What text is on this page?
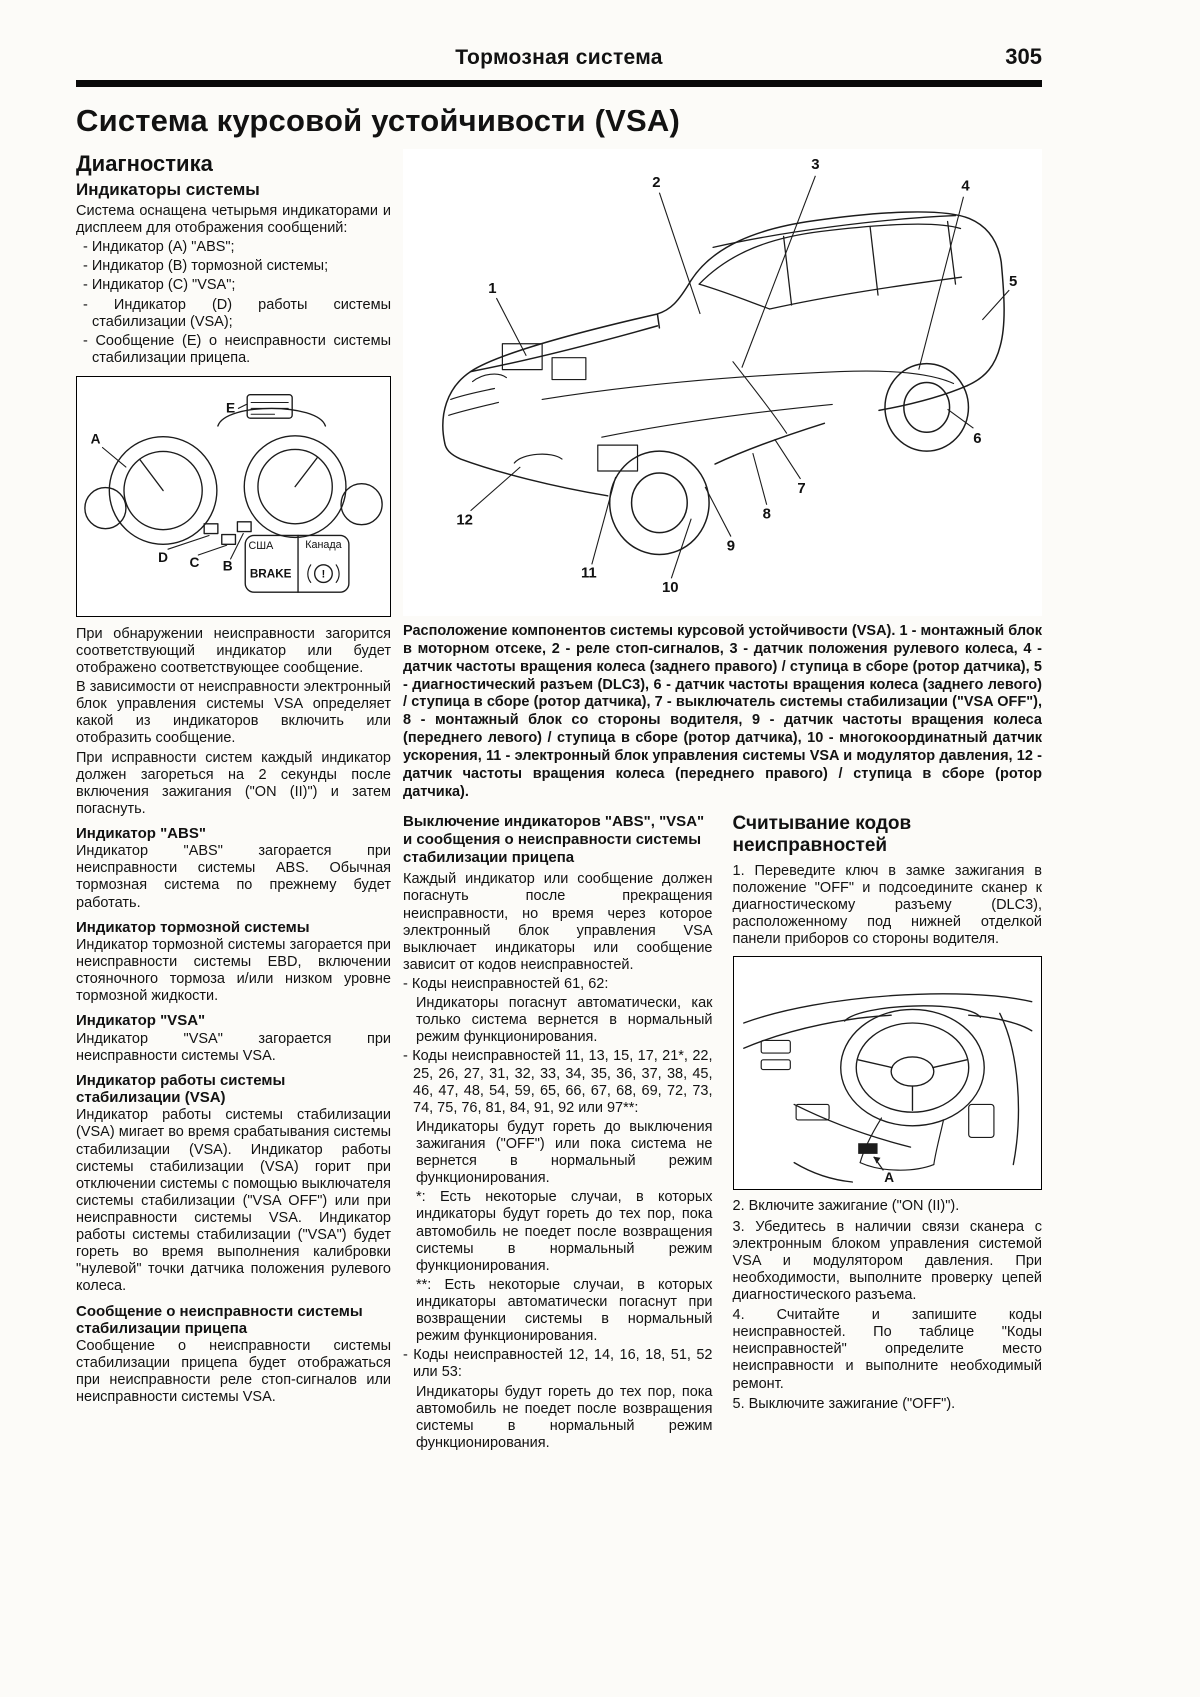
Тормозная система	305
Система курсовой устойчивости (VSA)
Диагностика
Индикаторы системы

Система оснащена четырьмя индикаторами и дисплеем для отображения сообщений:

- Индикатор (A) "ABS";

- Индикатор (B) тормозной системы;

- Индикатор (C) "VSA";

- Индикатор (D) работы системы стабилизации (VSA);

- Сообщение (E) о неисправности системы стабилизации прицепа.

A
E
D C B
США	Канада
BRAKE	!

При обнаружении неисправности загорится соответствующий индикатор или будет отображено соответствующее сообщение.

В зависимости от неисправности электронный блок управления системы VSA определяет какой из индикаторов включить или отобразить сообщение.

При исправности систем каждый индикатор должен загореться на 2 секунды после включения зажигания ("ON (II)") и затем погаснуть.

Индикатор "ABS"

Индикатор "ABS" загорается при неисправности системы ABS. Обычная тормозная система по прежнему будет работать.

Индикатор тормозной системы

Индикатор тормозной системы загорается при неисправности системы EBD, включении стояночного тормоза и/или низком уровне тормозной жидкости.

Индикатор "VSA"

Индикатор "VSA" загорается при неисправности системы VSA.

Индикатор работы системы стабилизации (VSA)

Индикатор работы системы стабилизации (VSA) мигает во время срабатывания системы стабилизации (VSA). Индикатор работы системы стабилизации (VSA) горит при отключении системы с помощью выключателя системы стабилизации ("VSA OFF") или при неисправности системы VSA. Индикатор работы системы стабилизации ("VSA") будет гореть во время выполнения калибровки "нулевой" точки датчика положения рулевого колеса.

Сообщение о неисправности системы стабилизации прицепа

Сообщение о неисправности системы стабилизации прицепа будет отображаться при неисправности реле стоп-сигналов или неисправности системы VSA.

1
2
3
4
5
6
7
8
9
10
11
12

Расположение компонентов системы курсовой устойчивости (VSA). 1 - монтажный блок в моторном отсеке, 2 - реле стоп-сигналов, 3 - датчик положения рулевого колеса, 4 - датчик частоты вращения колеса (заднего правого) / ступица в сборе (ротор датчика), 5 - диагностический разъем (DLC3), 6 - датчик частоты вращения колеса (заднего левого) / ступица в сборе (ротор датчика), 7 - выключатель системы стабилизации ("VSA OFF"), 8 - монтажный блок со стороны водителя, 9 - датчик частоты вращения колеса (переднего левого) / ступица в сборе (ротор датчика), 10 - многокоординатный датчик ускорения, 11 - электронный блок управления системы VSA и модулятор давления, 12 - датчик частоты вращения колеса (переднего правого) / ступица в сборе (ротор датчика).

Выключение индикаторов "ABS", "VSA" и сообщения о неисправности системы стабилизации прицепа

Каждый индикатор или сообщение должен погаснуть после прекращения неисправности, но время через которое электронный блок управления VSA выключает индикаторы или сообщение зависит от кодов неисправностей.

- Коды неисправностей 61, 62:

Индикаторы погаснут автоматически, как только система вернется в нормальный режим функционирования.

- Коды неисправностей 11, 13, 15, 17, 21*, 22, 25, 26, 27, 31, 32, 33, 34, 35, 36, 37, 38, 45, 46, 47, 48, 54, 59, 65, 66, 67, 68, 69, 72, 73, 74, 75, 76, 81, 84, 91, 92 или 97**:

Индикаторы будут гореть до выключения зажигания ("OFF") или пока система не вернется в нормальный режим функционирования.

*: Есть некоторые случаи, в которых индикаторы будут гореть до тех пор, пока автомобиль не поедет после возвращения системы в нормальный режим функционирования.

**: Есть некоторые случаи, в которых индикаторы автоматически погаснут при возвращении системы в нормальный режим функционирования.

- Коды неисправностей 12, 14, 16, 18, 51, 52 или 53:

Индикаторы будут гореть до тех пор, пока автомобиль не поедет после возвращения системы в нормальный режим функционирования.

Считывание кодов неисправностей

1. Переведите ключ в замке зажигания в положение "OFF" и подсоедините сканер к диагностическому разъему (DLC3), расположенному под нижней отделкой панели приборов со стороны водителя.

A

2. Включите зажигание ("ON (II)").

3. Убедитесь в наличии связи сканера с электронным блоком управления системой VSA и модулятором давления. При необходимости, выполните проверку цепей диагностического разъема.

4. Считайте и запишите коды неисправностей. По таблице "Коды неисправностей" определите место неисправности и выполните необходимый ремонт.

5. Выключите зажигание ("OFF").
